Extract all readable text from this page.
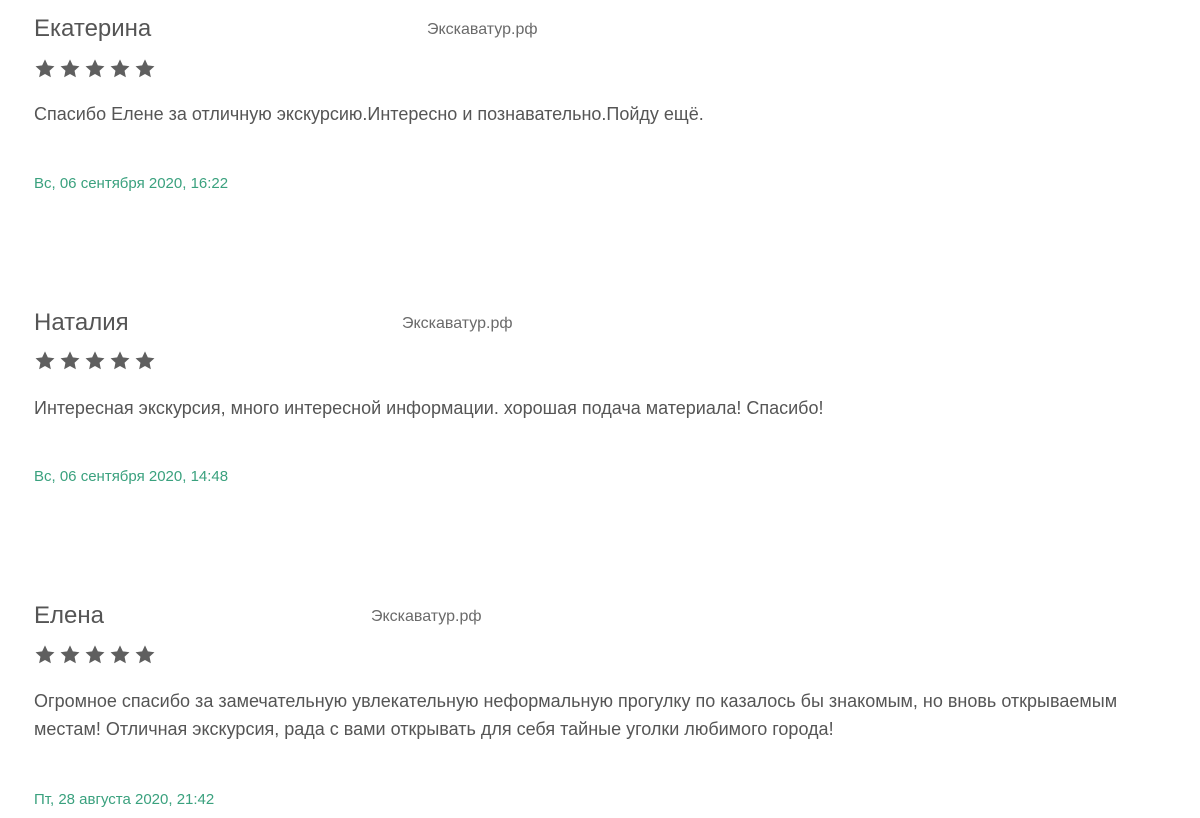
Екатерина	Экскаватур.рф
Спасибо Елене за отличную экскурсию.Интересно и познавательно.Пойду ещё.
Вс, 06 сентября 2020, 16:22
Наталия	Экскаватур.рф
Интересная экскурсия, много интересной информации. хорошая подача материала! Спасибо!
Вс, 06 сентября 2020, 14:48
Елена	Экскаватур.рф
Огромное спасибо за замечательную увлекательную неформальную прогулку по казалось бы знакомым, но вновь открываемым местам! Отличная экскурсия, рада с вами открывать для себя тайные уголки любимого города!
Пт, 28 августа 2020, 21:42
